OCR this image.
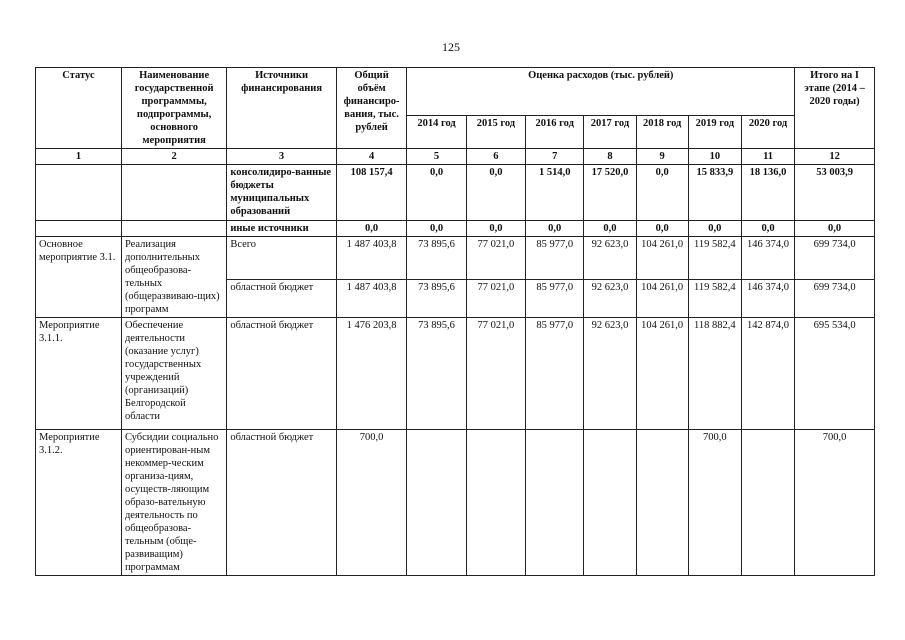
125
Статус	Наименование государственной программмы, подпрограммы, основного мероприятия	Источники финансирования	Общий объём финансиро-вания, тыс. рублей	Оценка расходов (тыс. рублей)							Итого на I этапе (2014 – 2020 годы)
				2014 год	2015 год	2016 год	2017 год	2018 год	2019 год	2020 год	
1	2	3	4	5	6	7	8	9	10	11	12
		консолидиро-ванные бюджеты муниципальных образований	108 157,4	0,0	0,0	1 514,0	17 520,0	0,0	15 833,9	18 136,0	53 003,9
		иные источники	0,0	0,0	0,0	0,0	0,0	0,0	0,0	0,0	0,0
Основное мероприятие 3.1.	Реализация дополнительных общеобразова-тельных (общеразвиваю-щих) программ	Всего	1 487 403,8	73 895,6	77 021,0	85 977,0	92 623,0	104 261,0	119 582,4	146 374,0	699 734,0
		областной бюджет	1 487 403,8	73 895,6	77 021,0	85 977,0	92 623,0	104 261,0	119 582,4	146 374,0	699 734,0
Мероприятие 3.1.1.	Обеспечение деятельности (оказание услуг) государственных учреждений (организаций) Белгородской области	областной бюджет	1 476 203,8	73 895,6	77 021,0	85 977,0	92 623,0	104 261,0	118 882,4	142 874,0	695 534,0
Мероприятие 3.1.2.	Субсидии социально ориентирован-ным некоммер-ческим организа-циям, осуществ-ляющим образо-вательную деятельность по общеобразова-тельным (обще-развиващим) программам	областной бюджет	700,0						700,0		700,0
